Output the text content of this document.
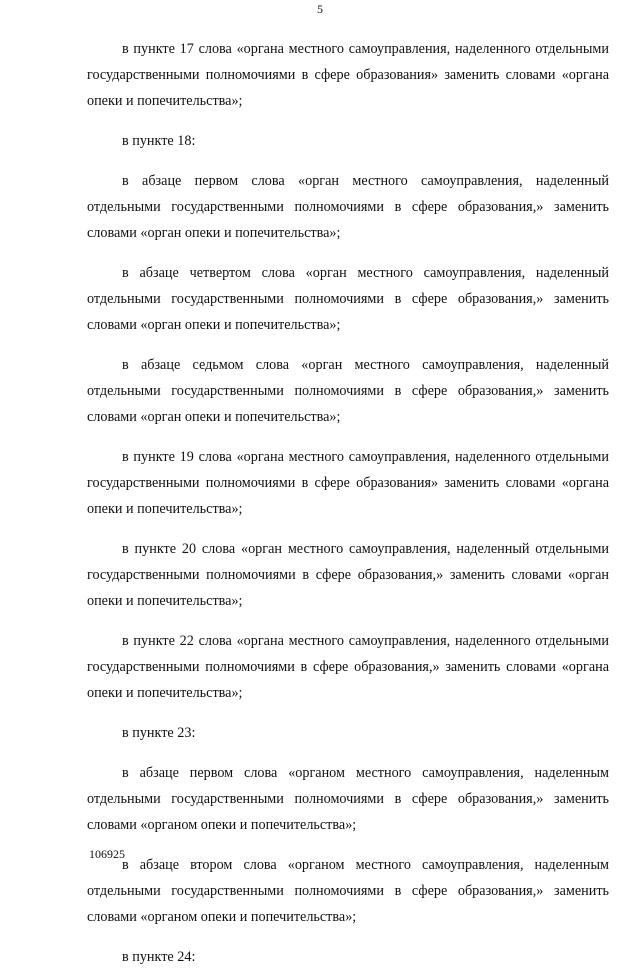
5

в пункте 17 слова «органа местного самоуправления, наделенного отдельными государственными полномочиями в сфере образования» заменить словами «органа опеки и попечительства»;

в пункте 18:

в абзаце первом слова «орган местного самоуправления, наделенный отдельными государственными полномочиями в сфере образования,» заменить словами «орган опеки и попечительства»;

в абзаце четвертом слова «орган местного самоуправления, наделенный отдельными государственными полномочиями в сфере образования,» заменить словами «орган опеки и попечительства»;

в абзаце седьмом слова «орган местного самоуправления, наделенный отдельными государственными полномочиями в сфере образования,» заменить словами «орган опеки и попечительства»;

в пункте 19 слова «органа местного самоуправления, наделенного отдельными государственными полномочиями в сфере образования» заменить словами «органа опеки и попечительства»;

в пункте 20 слова «орган местного самоуправления, наделенный отдельными государственными полномочиями в сфере образования,» заменить словами «орган опеки и попечительства»;

в пункте 22 слова «органа местного самоуправления, наделенного отдельными государственными полномочиями в сфере образования,» заменить словами «органа опеки и попечительства»;

в пункте 23:

в абзаце первом слова «органом местного самоуправления, наделенным отдельными государственными полномочиями в сфере образования,» заменить словами «органом опеки и попечительства»;

в абзаце втором слова «органом местного самоуправления, наделенным отдельными государственными полномочиями в сфере образования,» заменить словами «органом опеки и попечительства»;

в пункте 24:

106925
